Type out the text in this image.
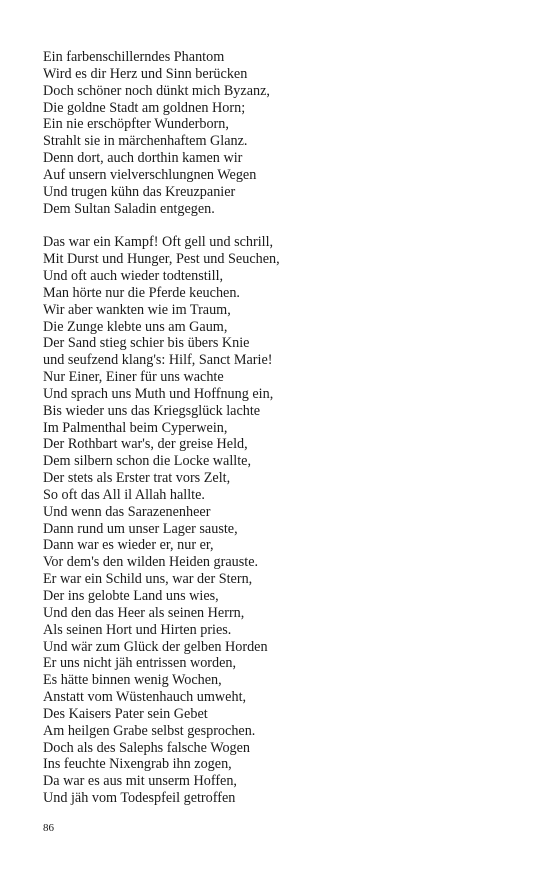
Ein farbenschillerndes Phantom
Wird es dir Herz und Sinn berücken
Doch schöner noch dünkt mich Byzanz,
Die goldne Stadt am goldnen Horn;
Ein nie erschöpfter Wunderborn,
Strahlt sie in märchenhaftem Glanz.
Denn dort, auch dorthin kamen wir
Auf unsern vielverschlungnen Wegen
Und trugen kühn das Kreuzpanier
Dem Sultan Saladin entgegen.
Das war ein Kampf! Oft gell und schrill,
Mit Durst und Hunger, Pest und Seuchen,
Und oft auch wieder todtenstill,
Man hörte nur die Pferde keuchen.
Wir aber wankten wie im Traum,
Die Zunge klebte uns am Gaum,
Der Sand stieg schier bis übers Knie
und seufzend klang's: Hilf, Sanct Marie!
Nur Einer, Einer für uns wachte
Und sprach uns Muth und Hoffnung ein,
Bis wieder uns das Kriegsglück lachte
Im Palmenthal beim Cyperwein,
Der Rothbart war's, der greise Held,
Dem silbern schon die Locke wallte,
Der stets als Erster trat vors Zelt,
So oft das All il Allah hallte.
Und wenn das Sarazenenheer
Dann rund um unser Lager sauste,
Dann war es wieder er, nur er,
Vor dem's den wilden Heiden grauste.
Er war ein Schild uns, war der Stern,
Der ins gelobte Land uns wies,
Und den das Heer als seinen Herrn,
Als seinen Hort und Hirten pries.
Und wär zum Glück der gelben Horden
Er uns nicht jäh entrissen worden,
Es hätte binnen wenig Wochen,
Anstatt vom Wüstenhauch umweht,
Des Kaisers Pater sein Gebet
Am heilgen Grabe selbst gesprochen.
Doch als des Salephs falsche Wogen
Ins feuchte Nixengrab ihn zogen,
Da war es aus mit unserm Hoffen,
Und jäh vom Todespfeil getroffen
86
